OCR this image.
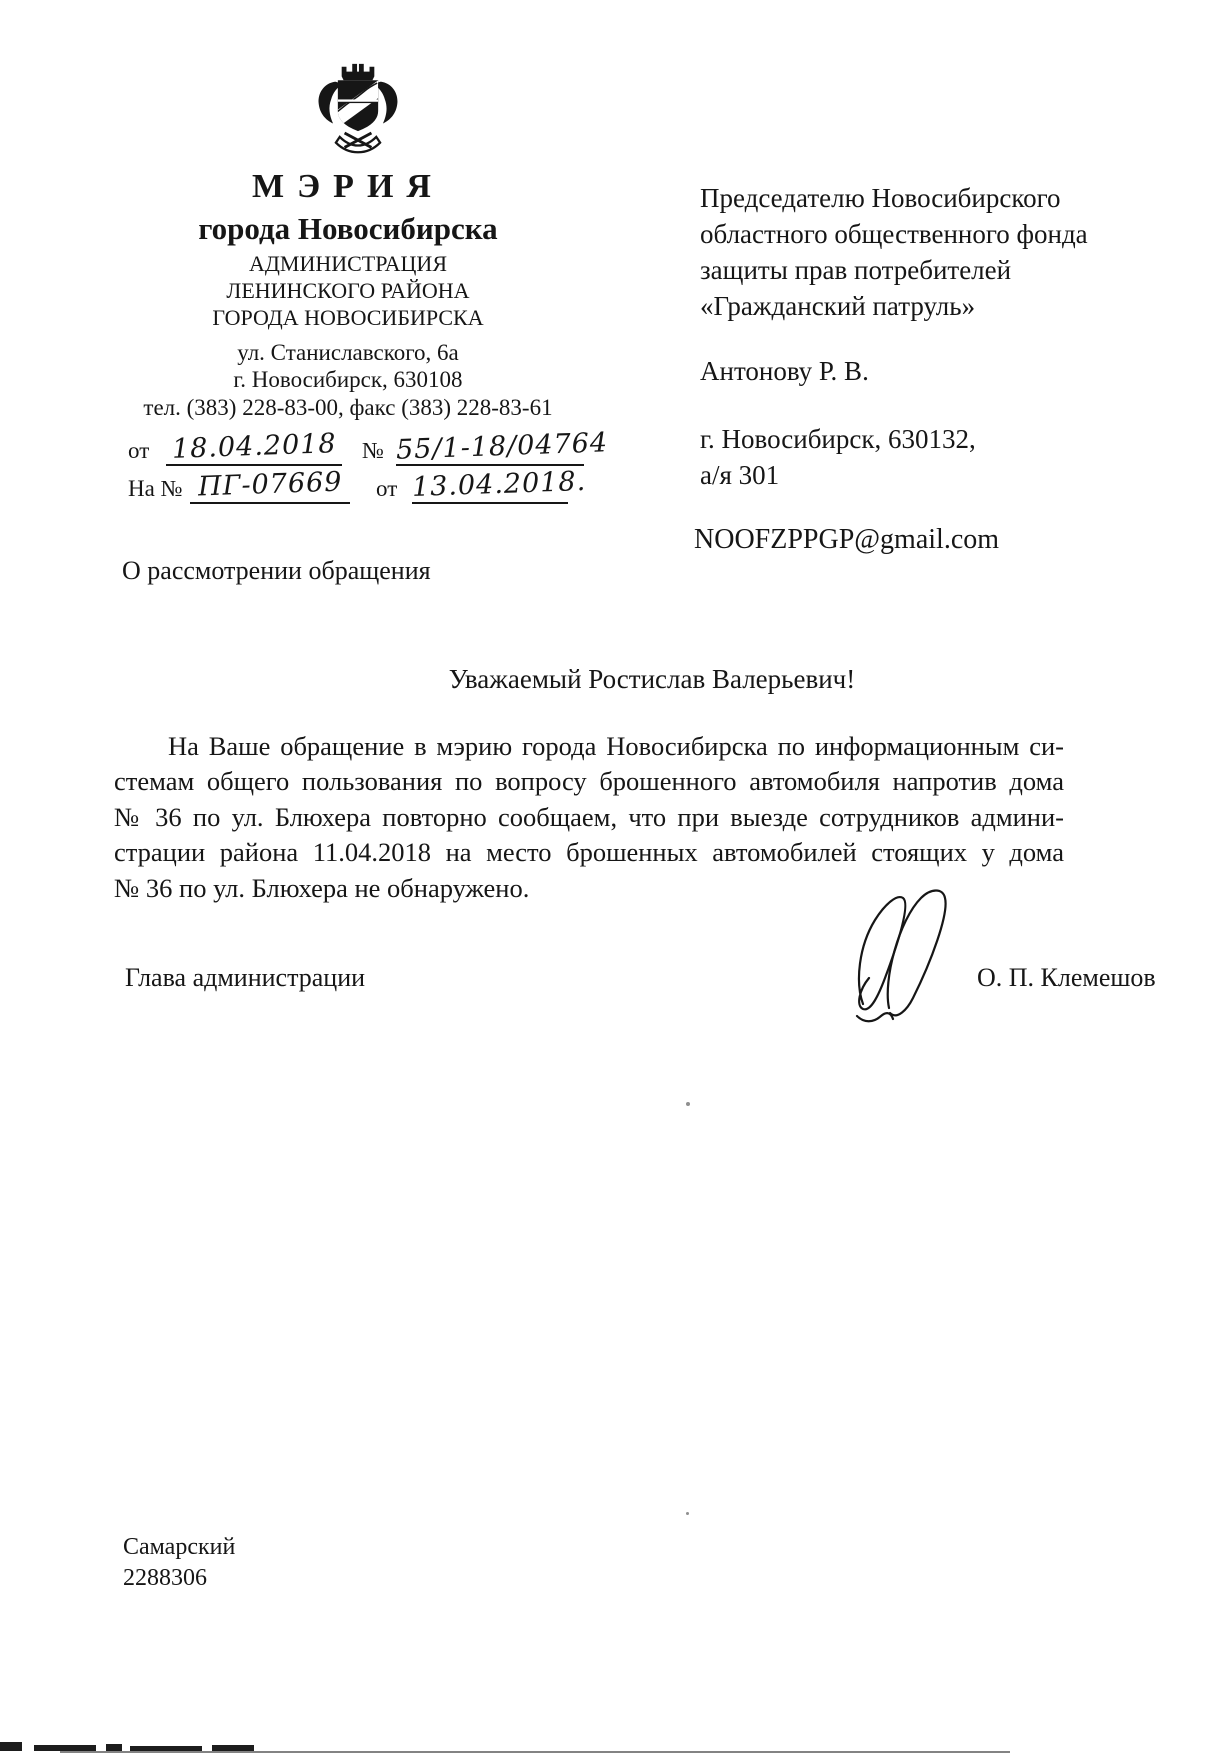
МЭРИЯ
города Новосибирска
АДМИНИСТРАЦИЯ
ЛЕНИНСКОГО РАЙОНА
ГОРОДА НОВОСИБИРСКА
ул. Станиславского, 6а
г. Новосибирск, 630108
тел. (383) 228-83-00, факс (383) 228-83-61
от 18.04.2018 № 55/1-18/04764
На № ПГ-07669	от 13.04.2018.
Председателю Новосибирского
областного общественного фонда
защиты прав потребителей
«Гражданский патруль»
Антонову Р. В.
г. Новосибирск, 630132,
а/я 301
NOOFZPPGP@gmail.com
О рассмотрении обращения
Уважаемый Ростислав Валерьевич!
На Ваше обращение в мэрию города Новосибирска по информационным си-
стемам общего пользования по вопросу брошенного автомобиля напротив дома
№ 36 по ул. Блюхера повторно сообщаем, что при выезде сотрудников админи-
страции района 11.04.2018 на место брошенных автомобилей стоящих у дома
№ 36 по ул. Блюхера не обнаружено.
Глава администрации	О. П. Клемешов
Самарский
2288306
